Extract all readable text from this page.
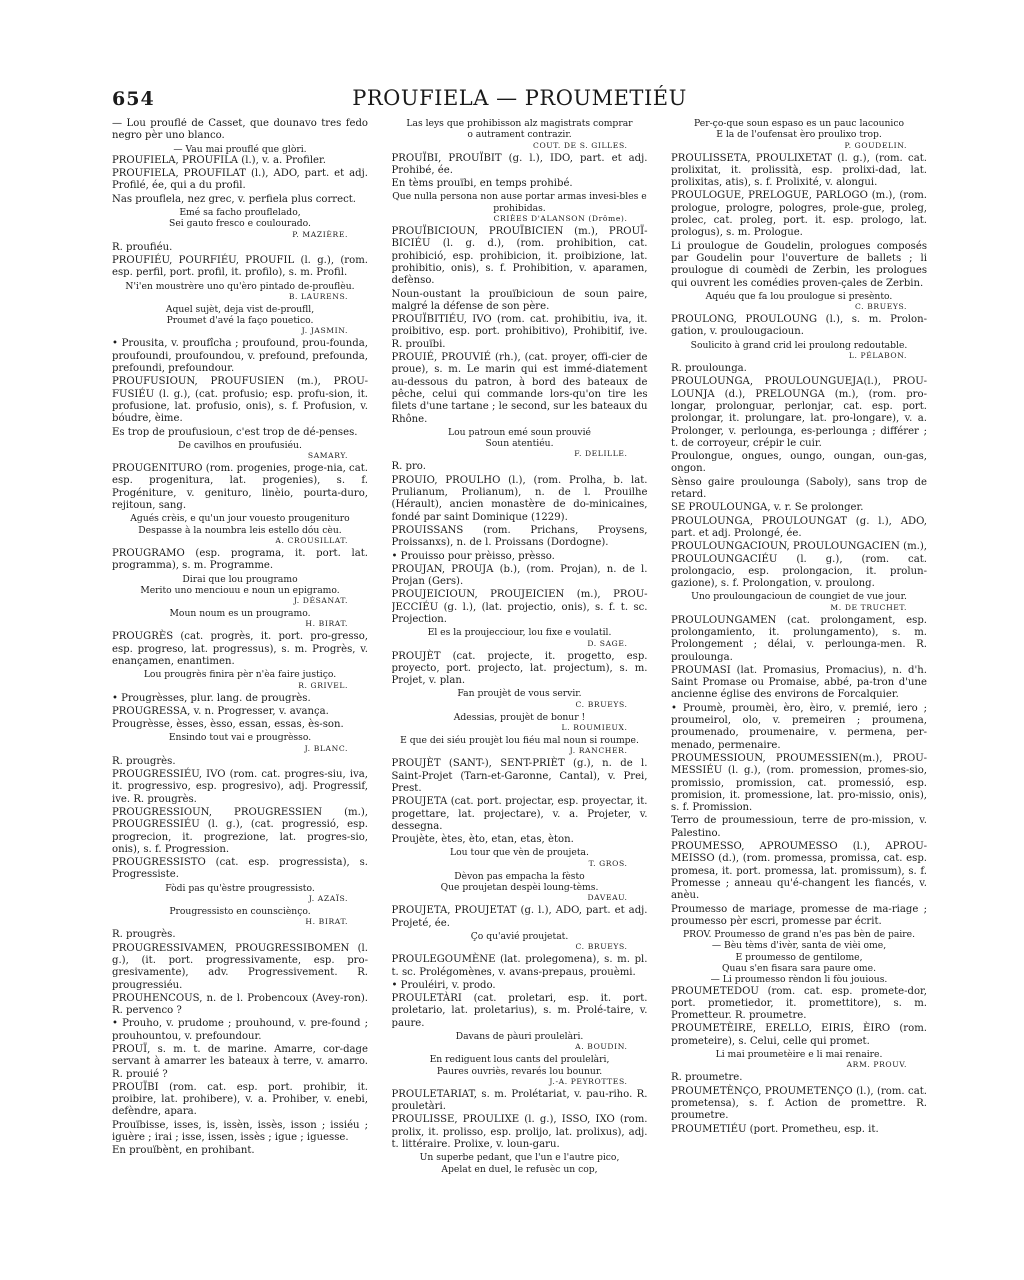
654	PROUFIELA — PROUMETIÉU

— Lou prouflé de Casset, que dounavo tres fedo negro pèr uno blanco.

— Vau mai prouflé que glòri.

PROUFIELA, PROUFILA (l.), v. a. Profiler.

PROUFIELA, PROUFILAT (l.), ADO, part. et adj. Profilé, ée, qui a du profil.

Nas prouflela, nez grec, v. perfiela plus correct.

Emé sa facho prouflelado,

Sei gauto fresco e coulourado.

P. MAZIÈRE.

R. proufiéu.

PROUFIÉU, POURFIÉU, PROUFIL (l. g.), (rom. esp. perfil, port. profil, it. profilo), s. m. Profil.

N'i'en moustrère uno qu'èro pintado de-prouflèu.

B. LAURENS.

Aquel sujèt, deja vist de-proufll,

Proumet d'avé la faço pouetico.

J. JASMIN.

• Prousita, v. proufîcha ; proufound, prou-founda, proufoundi, proufoundou, v. prefound, prefounda, prefoundi, prefoundour.

PROUFUSIOUN, PROUFUSIEN (m.), PROU-FUSIÉU (l. g.), (cat. profusio; esp. profu-sion, it. profusione, lat. profusio, onis), s. f. Profusion, v. bóudre, èime.

Es trop de proufusioun, c'est trop de dé-penses.

De cavilhos en proufusiéu.

SAMARY.

PROUGENITURO (rom. progenies, proge-nia, cat. esp. progenitura, lat. progenies), s. f. Progéniture, v. geniturо, linèio, pourta-duro, rejitoun, sang.

Agués crèis, e qu'un jour vouesto prougenituro

Despasse à la noumbra leis estello dóu cèu.

A. CROUSILLAT.

PROUGRAMO (esp. programa, it. port. lat. programma), s. m. Programme.

Dirai que lou prougramo

Merito uno menciouu e noun un epigramo.

J. DÉSANAT.

Moun noum es un prougramo.

H. BIRAT.

PROUGRÈS (cat. progrès, it. port. pro-gresso, esp. progreso, lat. progressus), s. m. Progrès, v. enançamen, enantimen.

Lou prougrès finira pèr n'èa faire justiço.

R. GRIVEL.

• Prougrèsses, plur. lang. de prougrès.

PROUGRESSA, v. n. Progresser, v. avança.

Prougrèsse, èsses, èsso, essan, essas, ès-son.

Ensindo tout vai e prougrèsso.

J. BLANC.

R. prougrès.

PROUGRESSIÉU, IVO (rom. cat. progres-siu, iva, it. progressivo, esp. progresivo), adj. Progressif, ive. R. prougrès.

PROUGRESSIOUN, PROUGRESSIEN (m.), PROUGRESSIÉU (l. g.), (cat. progressió, esp. progrecion, it. progrezione, lat. progres-sio, onis), s. f. Progression.

PROUGRESSISTO (cat. esp. progressista), s. Progressiste.

Fòdi pas qu'èstre prougressisto.

J. AZAÏS.

Prougressisto en counsciènço.

H. BIRAT.

R. prougrès.

PROUGRESSIVAMEN, PROUGRESSIBOMEN (l. g.), (it. port. progressivamente, esp. pro-gresivamente), adv. Progressivement. R. prougressiéu.

PROUHENCOUS, n. de l. Probencoux (Avey-ron). R. pervenco ?

• Prouho, v. prudome ; prouhound, v. pre-found ; prouhountou, v. prefoundour.

PROUÏ, s. m. t. de marine. Amarre, cor-dage servant à amarrer les bateaux à terre, v. amarro. R. prouié ?

PROUÏBI (rom. cat. esp. port. prohibir, it. proibire, lat. prohibere), v. a. Prohiber, v. enebi, defèndre, apara.

Prouïbisse, isses, is, issèn, issès, isson ; issiéu ; iguère ; irai ; isse, issen, issès ; igue ; iguesse.

En prouïbènt, en prohibant.

Las leys que prohibisson alz magistrats comprar

o autrament contrazir.

COUT. DE S. GILLES.

PROUÏBI, PROUÏBIT (g. l.), IDO, part. et adj. Prohibé, ée.

En tèms prouïbi, en temps prohibé.

Que nulla persona non ause portar armas invesi-bles e prohibidas.

CRIÈES D'ALANSON (Drôme).

PROUÏBICIOUN, PROUÏBICIEN (m.), PROUÏ-BICIÉU (l. g. d.), (rom. prohibition, cat. prohibició, esp. prohibicion, it. proibizione, lat. prohibitio, onis), s. f. Prohibition, v. aparamen, defènso.

Noun-oustant la prouïbicioun de soun paire, malgré la défense de son père.

PROUÏBITIÉU, IVO (rom. cat. prohibitiu, iva, it. proibitivo, esp. port. prohibitivo), Prohibitif, ive. R. prouïbi.

PROUIÉ, PROUVIÉ (rh.), (cat. proyer, offi-cier de proue), s. m. Le marin qui est immé-diatement au-dessous du patron, à bord des bateaux de pêche, celui qui commande lors-qu'on tire les filets d'une tartane ; le second, sur les bateaux du Rhône.

Lou patroun emé soun prouvié

Soun atentiéu.

F. DELILLE.

R. pro.

PROUIO, PROULHO (l.), (rom. Prolha, b. lat. Prulianum, Prolianum), n. de l. Prouilhe (Hérault), ancien monastère de do-minicaines, fondé par saint Dominique (1229).

PROUISSANS (rom. Prichans, Proysens, Proissanxs), n. de l. Proissans (Dordogne).

• Prouisso pour prèisso, prèsso.

PROUJAN, PROUJA (b.), (rom. Projan), n. de l. Projan (Gers).

PROUJEICIOUN, PROUJEICIEN (m.), PROU-JECCIÉU (g. l.), (lat. projectio, onis), s. f. t. sc. Projection.

El es la proujecciour, lou fixe e voulatil.

D. SAGE.

PROUJÈT (cat. projecte, it. progetto, esp. proyecto, port. projecto, lat. projectum), s. m. Projet, v. plan.

Fan proujèt de vous servir.

C. BRUEYS.

Adessias, proujèt de bonur !

L. ROUMIEUX.

E que dei siéu proujèt lou fiéu mal noun si roumpe.

J. RANCHER.

PROUJÈT (SANT-), SENT-PRIÈT (g.), n. de l. Saint-Projet (Tarn-et-Garonne, Cantal), v. Prei, Prest.

PROUJETA (cat. port. projectar, esp. proyectar, it. progettare, lat. projectare), v. a. Projeter, v. dessegna.

Proujète, ètes, èto, etan, etas, èton.

Lou tour que vèn de proujeta.

T. GROS.

Dèvon pas empacha la fèsto

Que proujetan despèi loung-tèms.

DAVEAU.

PROUJETA, PROUJETAT (g. l.), ADO, part. et adj. Projeté, ée.

Ço qu'avié proujetat.

C. BRUEYS.

PROULEGOUMÈNE (lat. prolegomena), s. m. pl. t. sc. Prolégomènes, v. avans-prepaus, prouèmi.

• Prouléiri, v. prodo.

PROULETÀRI (cat. proletari, esp. it. port. proletario, lat. proletarius), s. m. Prolé-taire, v. paure.

Davans de pàuri proulelàri.

A. BOUDIN.

En rediguent lous cants del proulelàri,

Paures ouvriès, revarés lou bounur.

J.-A. PEYROTTES.

PROULETARIAT, s. m. Prolétariat, v. pau-riho. R. prouletàri.

PROULISSE, PROULIXE (l. g.), ISSO, IXO (rom. prolix, it. prolisso, esp. prolijo, lat. prolixus), adj. t. littéraire. Prolixe, v. loun-garu.

Un superbe pedant, que l'un e l'autre pico,

Apelat en duel, le refusèc un cop,

Per-ço-que soun espaso es un pauc lacounico

E la de l'oufensat èro proulixo trop.

P. GOUDELIN.

PROULISSETA, PROULIXETAT (l. g.), (rom. cat. prolixitat, it. prolissità, esp. prolixi-dad, lat. prolixitas, atis), s. f. Prolixité, v. alongui.

PROULOGUE, PRELOGUE, PARLOGO (m.), (rom. prologue, prologre, pologres, prole-gue, proleg, prolec, cat. proleg, port. it. esp. prologo, lat. prologus), s. m. Prologue.

Li proulogue de Goudelin, prologues composés par Goudelin pour l'ouverture de ballets ; li proulogue di coumèdi de Zerbin, les prologues qui ouvrent les comédies proven-çales de Zerbin.

Aquéu que fa lou proulogue si presènto.

C. BRUEYS.

PROULONG, PROULOUNG (l.), s. m. Prolon-gation, v. proulougacioun.

Soulicito à grand crid lei proulong redoutable.

L. PÉLABON.

R. proulounga.

PROULOUNGA, PROULOUNGUEJA(l.), PROU-LOUNJA (d.), PRELOUNGA (m.), (rom. pro-longar, prolonguar, perlonjar, cat. esp. port. prolongar, it. prolungare, lat. pro-longare), v. a. Prolonger, v. perlounga, es-perlounga ; différer ; t. de corroyeur, crépir le cuir.

Proulongue, ongues, oungo, oungan, oun-gas, ongon.

Sènso gaire proulounga (Saboly), sans trop de retard.

SE PROULOUNGA, v. r. Se prolonger.

PROULOUNGA, PROULOUNGAT (g. l.), ADO, part. et adj. Prolongé, ée.

PROULOUNGACIOUN, PROULOUNGACIEN (m.), PROULOUNGACIÉU (l. g.), (rom. cat. prolongacio, esp. prolongacion, it. prolun-gazione), s. f. Prolongation, v. proulong.

Uno prouloungacioun de coungiet de vue jour.

M. DE TRUCHET.

PROULOUNGAMEN (cat. prolongament, esp. prolongamiento, it. prolungamento), s. m. Prolongement ; délai, v. perlounga-men. R. proulounga.

PROUMASI (lat. Promasius, Promacius), n. d'h. Saint Promase ou Promaise, abbé, pa-tron d'une ancienne église des environs de Forcalquier.

• Proumè, proumèi, èro, èiro, v. premié, iero ; proumeirol, olo, v. premeiren ; proumena, proumenado, proumenaire, v. permena, per-menado, permenaire.

PROUMESSIOUN, PROUMESSIEN(m.), PROU-MESSIÉU (l. g.), (rom. promession, promes-sio, promissio, promission, cat. promessió, esp. promision, it. promessione, lat. pro-missio, onis), s. f. Promission.

Terro de proumessioun, terre de pro-mission, v. Palestino.

PROUMESSO, APROUMESSO (l.), APROU-MEISSO (d.), (rom. promessa, promissa, cat. esp. promesa, it. port. promessa, lat. promissum), s. f. Promesse ; anneau qu'é-changent les fiancés, v. anèu.

Proumesso de mariage, promesse de ma-riage ; proumesso pèr escri, promesse par écrit.

PROV. Proumesso de grand n'es pas bèn de paire.

— Bèu tèms d'ivèr, santa de vièi ome,

E proumesso de gentilome,

Quau s'en fisara sara paure ome.

— Li proumesso rèndon li fòu jouious.

PROUMETEDOU (rom. cat. esp. promete-dor, port. prometiedor, it. promettitore), s. m. Prometteur. R. proumetre.

PROUMETÈIRE, ERELLO, EIRIS, ÈIRO (rom. prometeire), s. Celui, celle qui promet.

Li mai proumetèire e li mai renaire.

ARM. PROUV.

R. proumetre.

PROUMETÈNÇO, PROUMETENÇO (l.), (rom. cat. prometensa), s. f. Action de promettre. R. proumetre.

PROUMETIÉU (port. Prometheu, esp. it.
